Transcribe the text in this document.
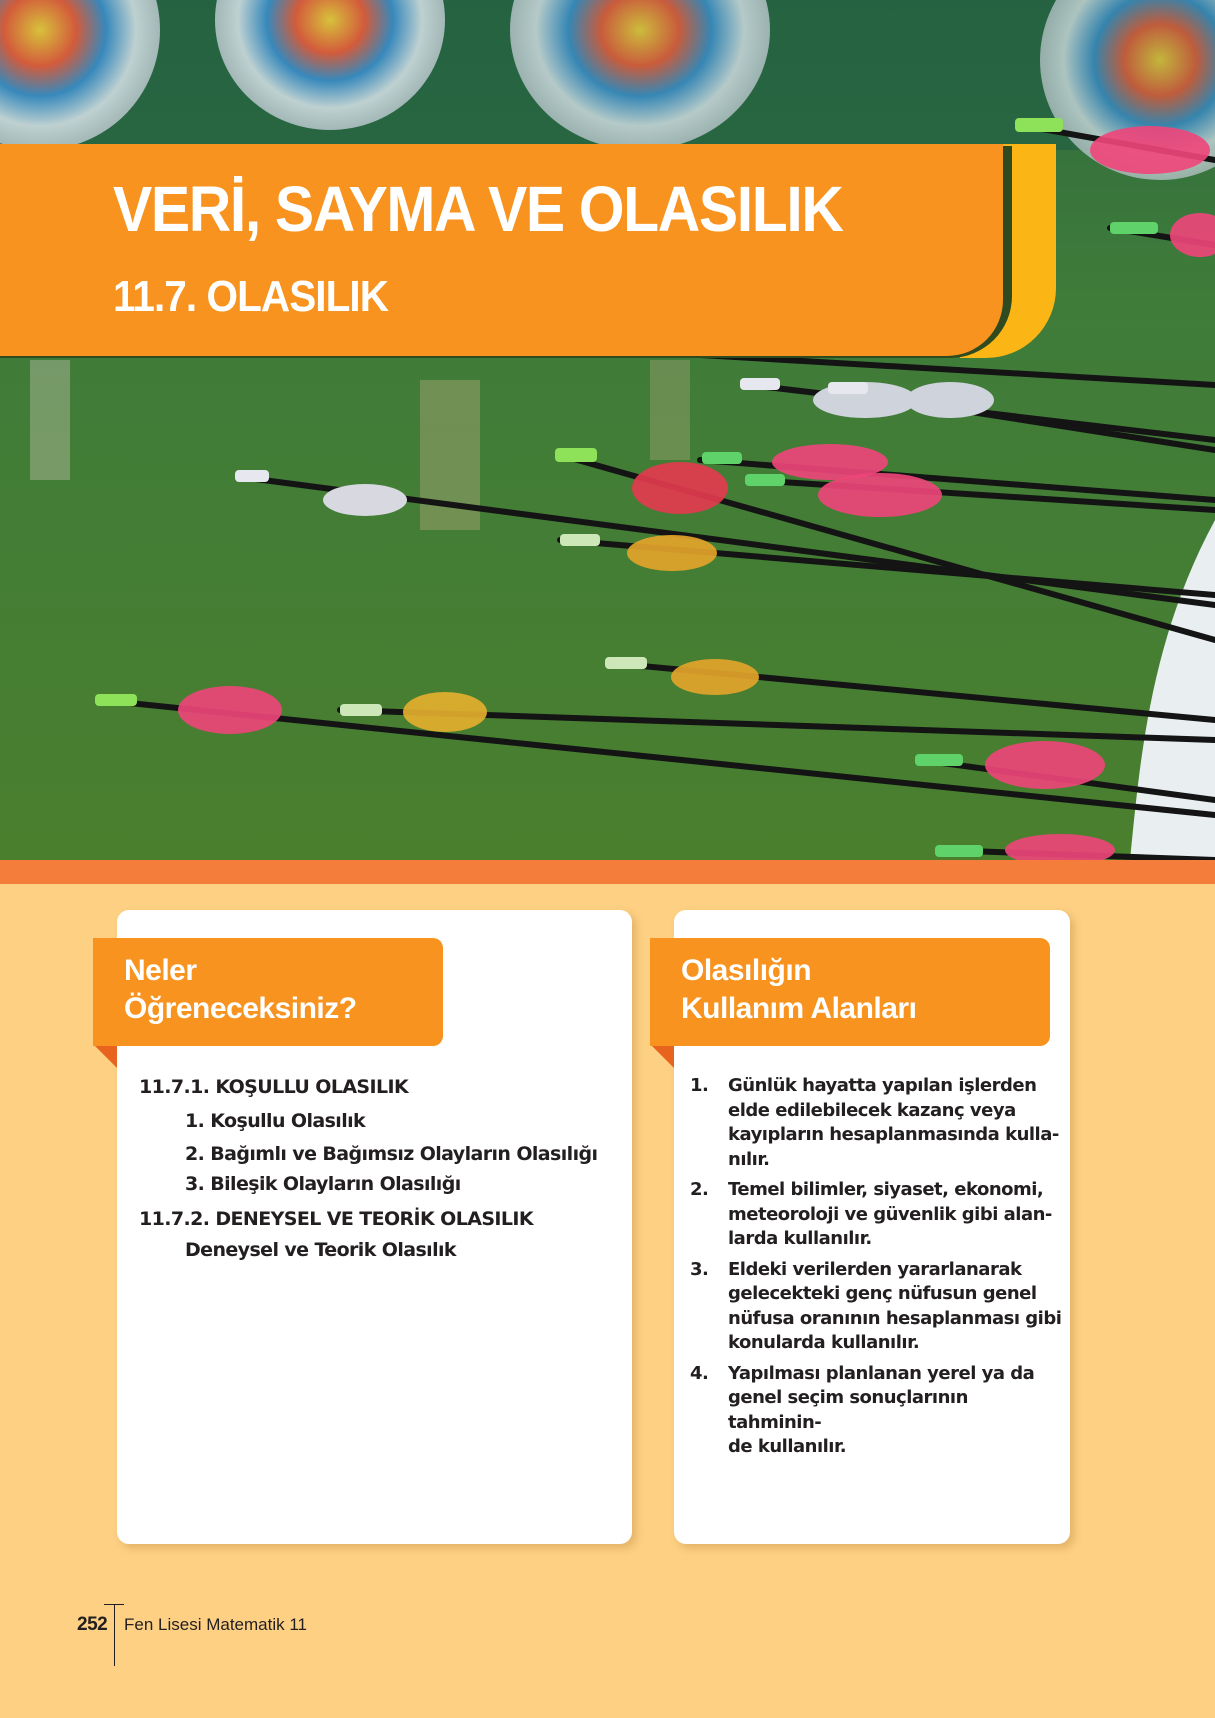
VERİ, SAYMA VE OLASILIK
11.7. OLASILIK
Neler
Öğreneceksiniz?
11.7.1. KOŞULLU OLASILIK
1. Koşullu Olasılık
2. Bağımlı ve Bağımsız Olayların Olasılığı
3. Bileşik Olayların Olasılığı
11.7.2. DENEYSEL VE TEORİK OLASILIK
Deneysel ve Teorik Olasılık
Olasılığın
Kullanım Alanları
1. Günlük hayatta yapılan işlerden
elde edilebilecek kazanç veya
kayıpların hesaplanmasında kulla-
nılır.
2. Temel bilimler, siyaset, ekonomi,
meteoroloji ve güvenlik gibi alan-
larda kullanılır.
3. Eldeki verilerden yararlanarak
gelecekteki genç nüfusun genel
nüfusa oranının hesaplanması gibi
konularda kullanılır.
4. Yapılması planlanan yerel ya da
genel seçim sonuçlarının tahminin-
de kullanılır.
252 Fen Lisesi Matematik 11
